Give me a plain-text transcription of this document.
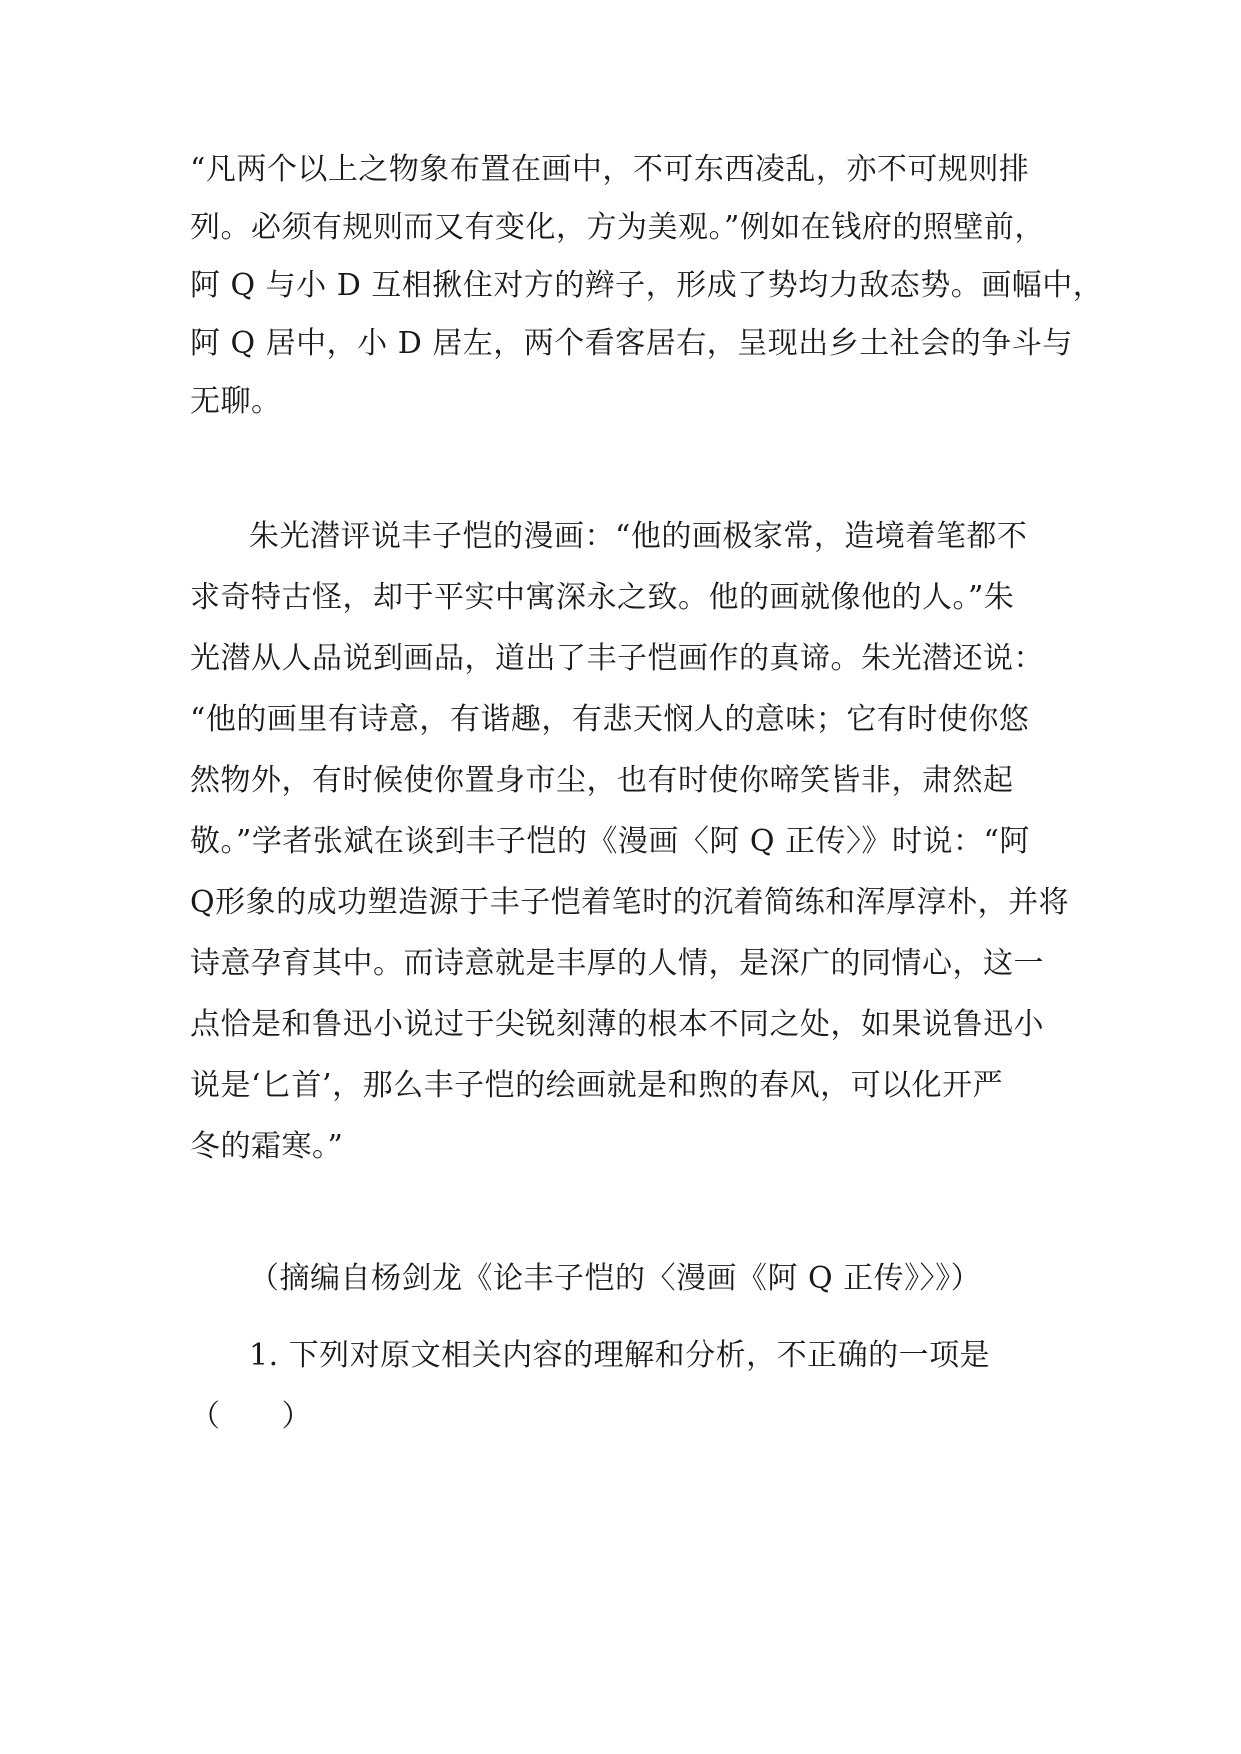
“凡两个以上之物象布置在画中，不可东西凌乱，亦不可规则排
列。必须有规则而又有变化，方为美观。”例如在钱府的照壁前，
阿 Q 与小 D 互相揪住对方的辫子，形成了势均力敌态势。画幅中，
阿 Q 居中，小 D 居左，两个看客居右，呈现出乡土社会的争斗与
无聊。
朱光潜评说丰子恺的漫画：“他的画极家常，造境着笔都不
求奇特古怪，却于平实中寓深永之致。他的画就像他的人。”朱
光潜从人品说到画品，道出了丰子恺画作的真谛。朱光潜还说：
“他的画里有诗意，有谐趣，有悲天悯人的意味；它有时使你悠
然物外，有时候使你置身市尘，也有时使你啼笑皆非，肃然起
敬。”学者张斌在谈到丰子恺的《漫画〈阿 Q 正传〉》时说：“阿
Q形象的成功塑造源于丰子恺着笔时的沉着简练和浑厚淳朴，并将
诗意孕育其中。而诗意就是丰厚的人情，是深广的同情心，这一
点恰是和鲁迅小说过于尖锐刻薄的根本不同之处，如果说鲁迅小
说是‘匕首’，那么丰子恺的绘画就是和煦的春风，可以化开严
冬的霜寒。”
（摘编自杨剑龙《论丰子恺的〈漫画《阿 Q 正传》〉》）
1. 下列对原文相关内容的理解和分析，不正确的一项是
（　　）
